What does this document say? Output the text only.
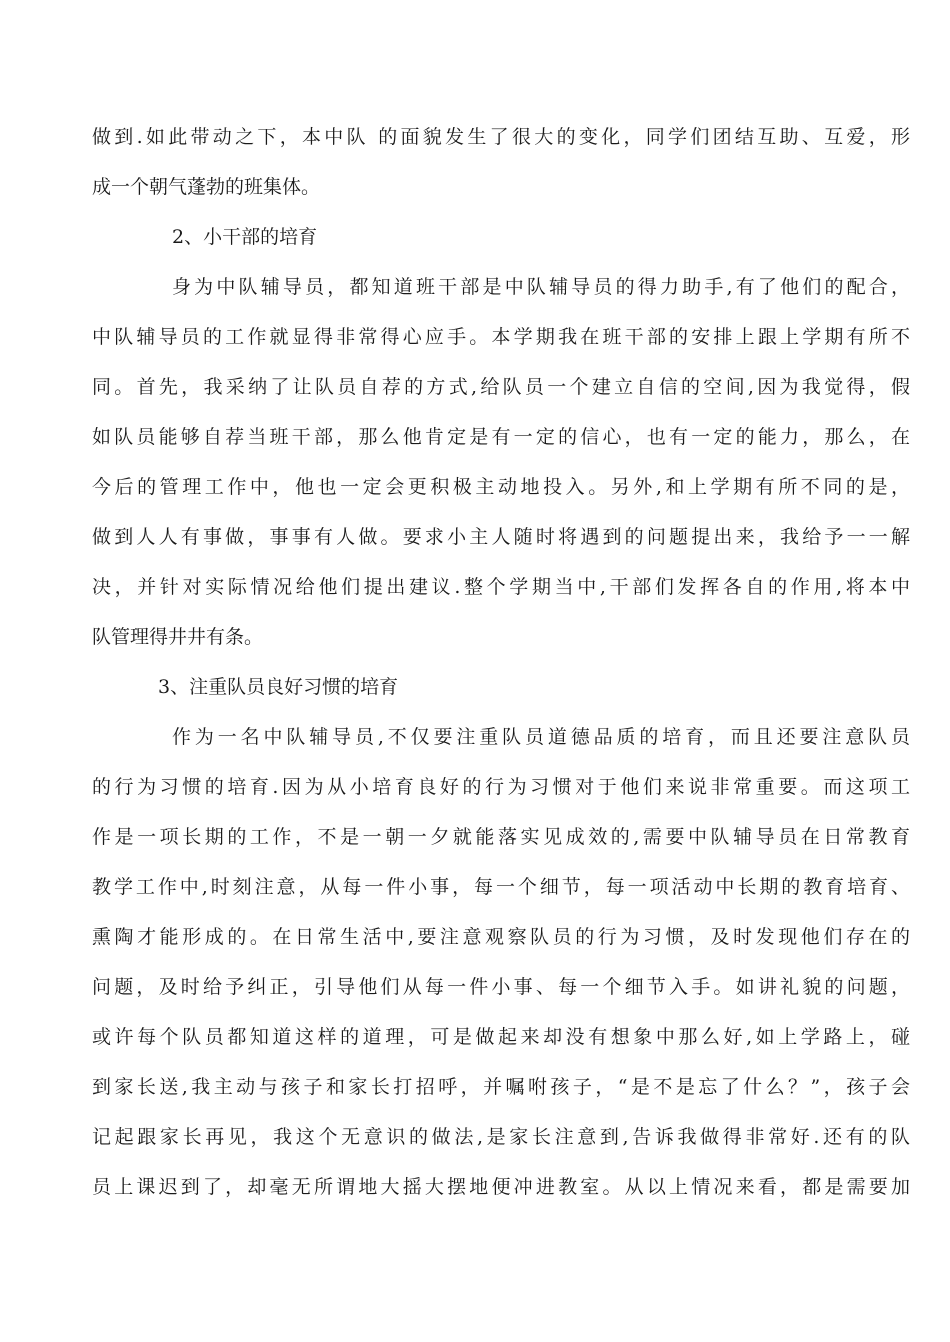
做到.如此带动之下，本中队 的面貌发生了很大的变化，同学们团结互助、互爱，形
成一个朝气蓬勃的班集体。
2、小干部的培育
身为中队辅导员，都知道班干部是中队辅导员的得力助手,有了他们的配合，
中队辅导员的工作就显得非常得心应手。本学期我在班干部的安排上跟上学期有所不
同。首先，我采纳了让队员自荐的方式,给队员一个建立自信的空间,因为我觉得，假
如队员能够自荐当班干部，那么他肯定是有一定的信心，也有一定的能力，那么，在
今后的管理工作中，他也一定会更积极主动地投入。另外,和上学期有所不同的是，
做到人人有事做，事事有人做。要求小主人随时将遇到的问题提出来，我给予一一解
决，并针对实际情况给他们提出建议.整个学期当中,干部们发挥各自的作用,将本中
队管理得井井有条。
3、注重队员良好习惯的培育
作为一名中队辅导员,不仅要注重队员道德品质的培育，而且还要注意队员
的行为习惯的培育.因为从小培育良好的行为习惯对于他们来说非常重要。而这项工
作是一项长期的工作，不是一朝一夕就能落实见成效的,需要中队辅导员在日常教育
教学工作中,时刻注意，从每一件小事，每一个细节，每一项活动中长期的教育培育、
熏陶才能形成的。在日常生活中,要注意观察队员的行为习惯，及时发现他们存在的
问题，及时给予纠正，引导他们从每一件小事、每一个细节入手。如讲礼貌的问题，
或许每个队员都知道这样的道理，可是做起来却没有想象中那么好,如上学路上，碰
到家长送,我主动与孩子和家长打招呼，并嘱咐孩子，“是不是忘了什么？”，孩子会
记起跟家长再见，我这个无意识的做法,是家长注意到,告诉我做得非常好.还有的队
员上课迟到了，却毫无所谓地大摇大摆地便冲进教室。从以上情况来看，都是需要加
